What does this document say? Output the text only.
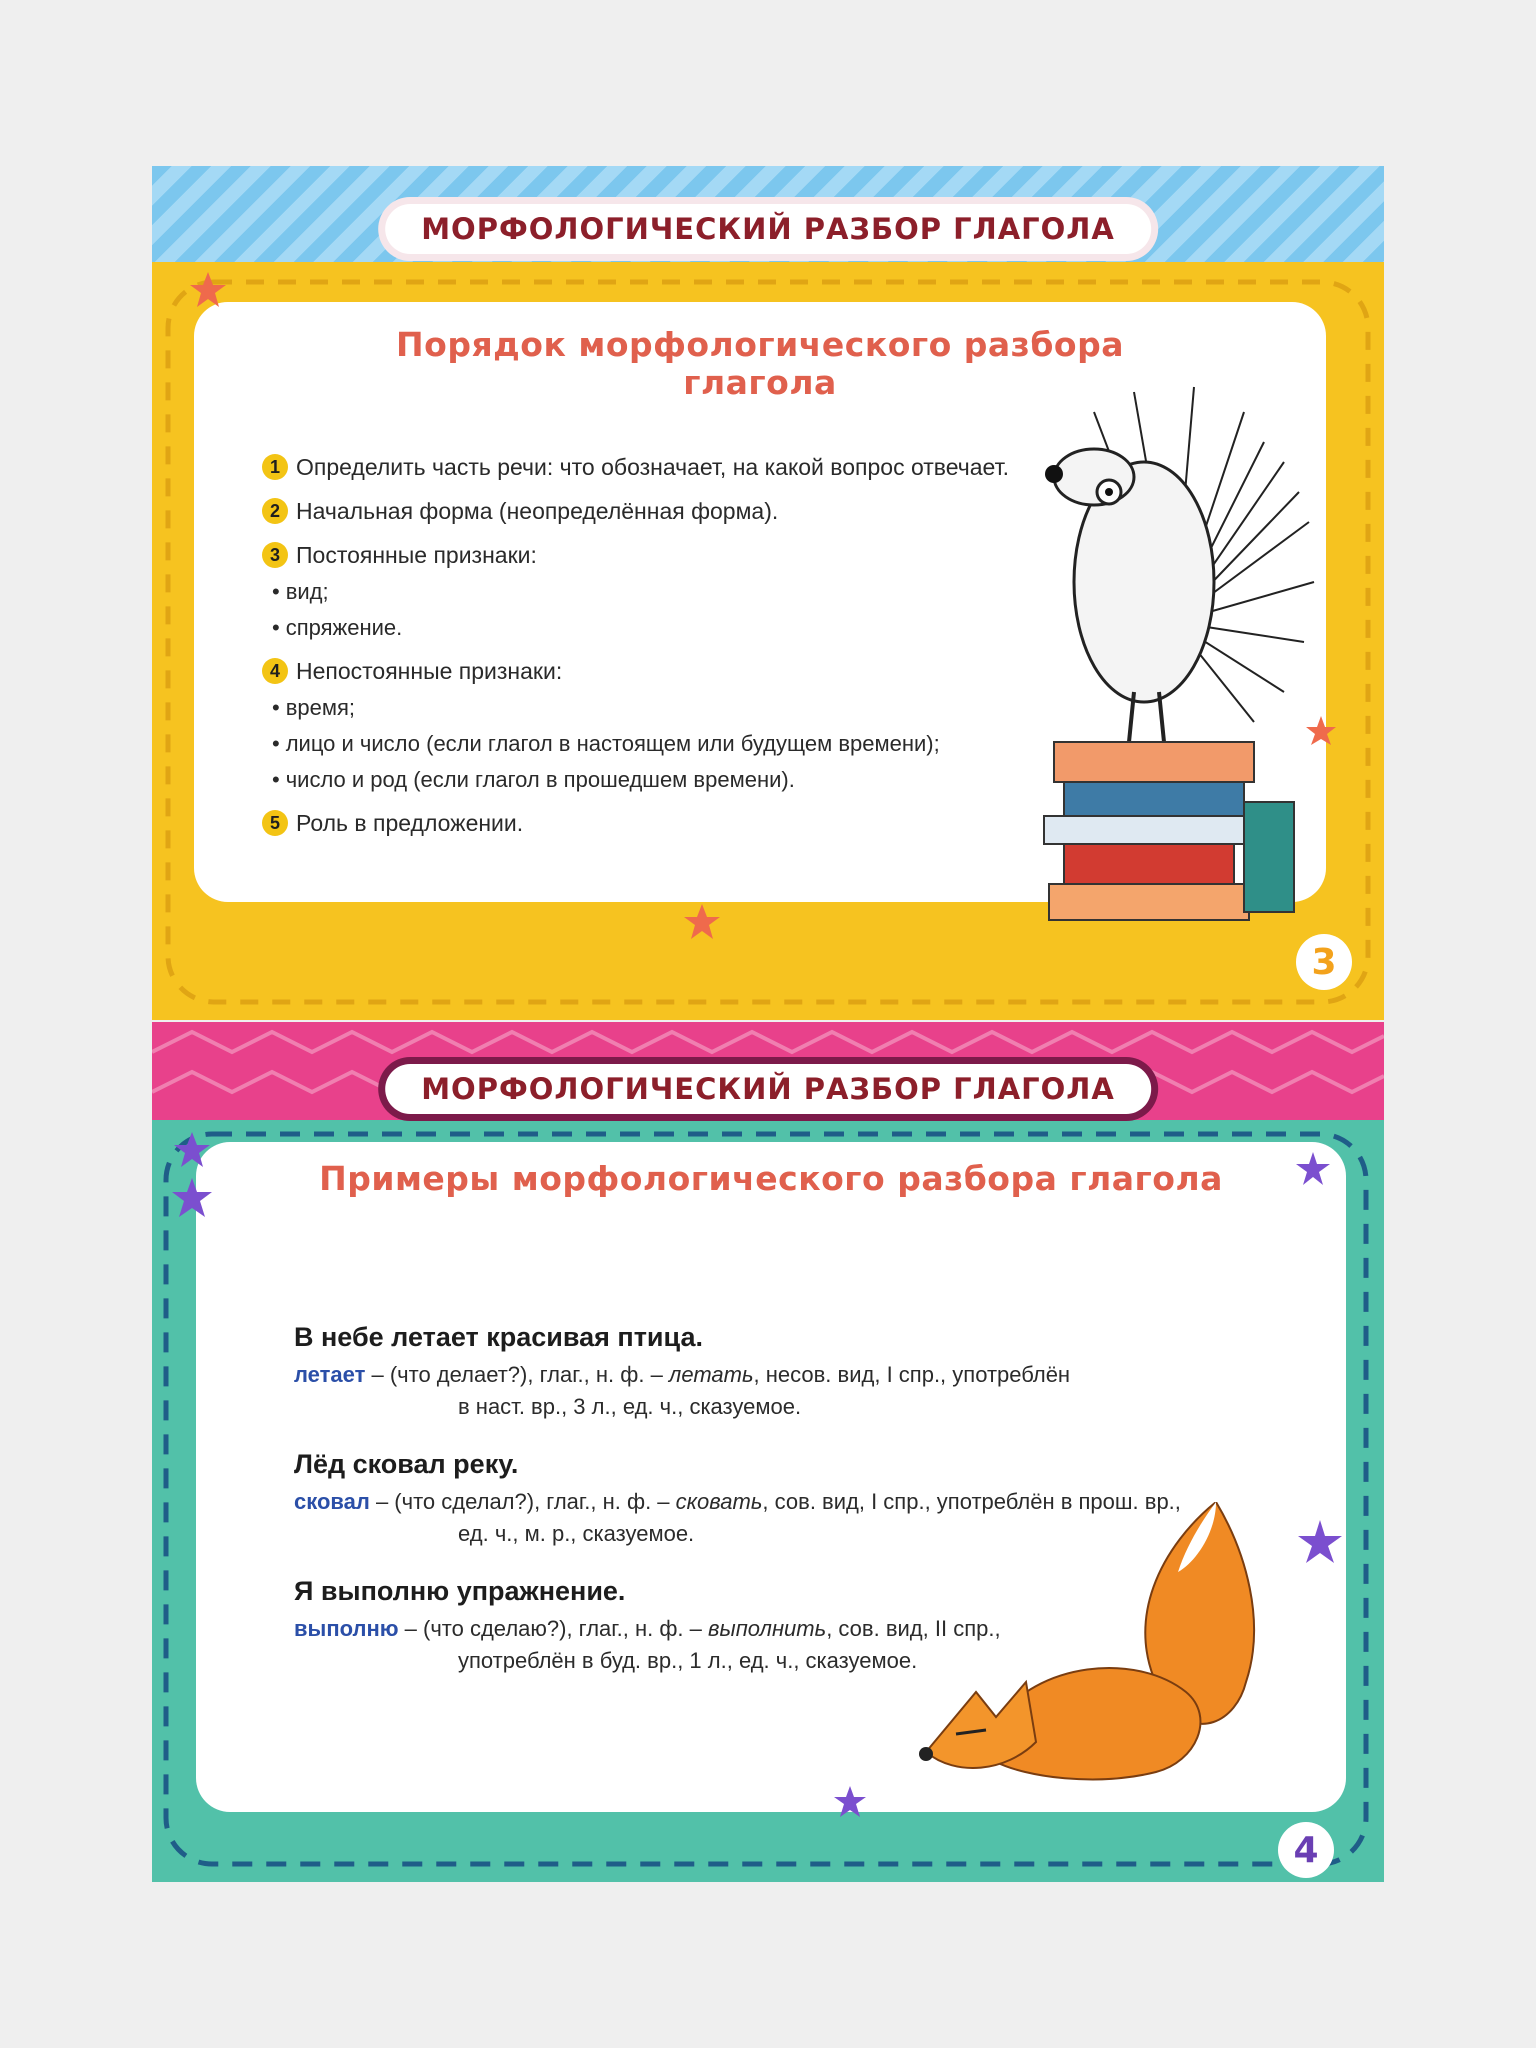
Порядок морфологического разбора
глагола
1 Определить часть речи: что обозначает, на какой вопрос отвечает.
2 Начальная форма (неопределённая форма).
3 Постоянные признаки:
• вид;
• спряжение.
4 Непостоянные признаки:
• время;
• лицо и число (если глагол в настоящем или будущем времени);
• число и род (если глагол в прошедшем времени).
5 Роль в предложении.
МОРФОЛОГИЧЕСКИЙ РАЗБОР ГЛАГОЛА
3
Примеры морфологического разбора глагола
В небе летает красивая птица.
летает – (что делает?), глаг., н. ф. – летать, несов. вид, I спр., употреблён
в наст. вр., 3 л., ед. ч., сказуемое.
Лёд сковал реку.
сковал – (что сделал?), глаг., н. ф. – сковать, сов. вид, I спр., употреблён в прош. вр.,
ед. ч., м. р., сказуемое.
Я выполню упражнение.
выполню – (что сделаю?), глаг., н. ф. – выполнить, сов. вид, II спр.,
употреблён в буд. вр., 1 л., ед. ч., сказуемое.
МОРФОЛОГИЧЕСКИЙ РАЗБОР ГЛАГОЛА
4
